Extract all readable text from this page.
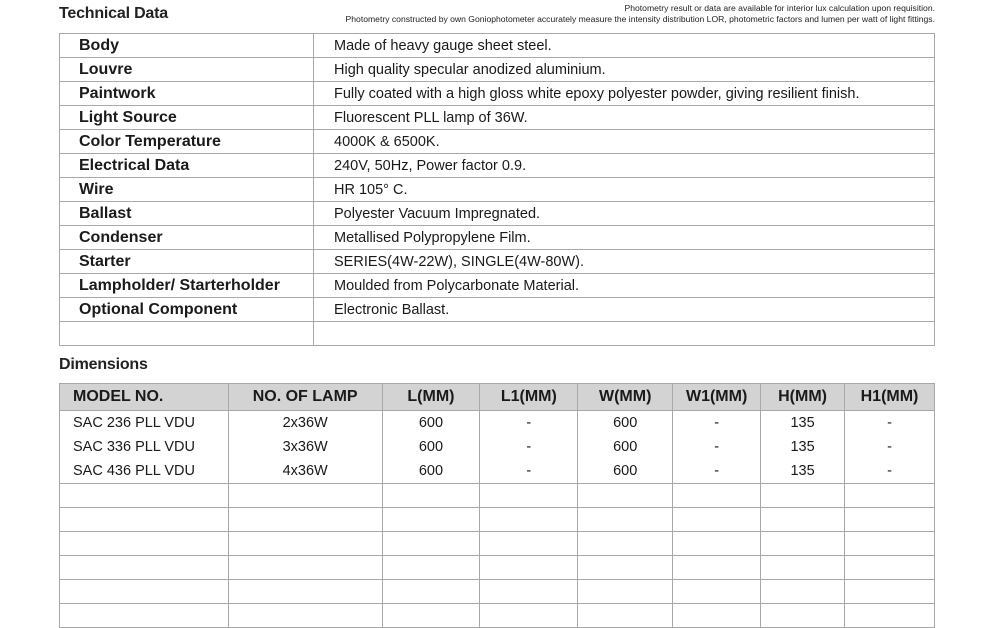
Technical Data	Photometry result or data are available for interior lux calculation upon requisition.
Photometry constructed by own Goniophotometer accurately measure the intensity distribution LOR, photometric factors and lumen per watt of light fittings.
Body	Made of heavy gauge sheet steel.
Louvre	High quality specular anodized aluminium.
Paintwork	Fully coated with a high gloss white epoxy polyester powder, giving resilient finish.
Light Source	Fluorescent PLL lamp of 36W.
Color Temperature	4000K & 6500K.
Electrical Data	240V, 50Hz, Power factor 0.9.
Wire	HR 105° C.
Ballast	Polyester Vacuum Impregnated.
Condenser	Metallised Polypropylene Film.
Starter	SERIES(4W-22W), SINGLE(4W-80W).
Lampholder/ Starterholder	Moulded from Polycarbonate Material.
Optional Component	Electronic Ballast.

Dimensions
MODEL NO.	NO. OF LAMP	L(MM)	L1(MM)	W(MM)	W1(MM)	H(MM)	H1(MM)
SAC 236 PLL VDU	2x36W	600	-	600	-	135	-
SAC 336 PLL VDU	3x36W	600	-	600	-	135	-
SAC 436 PLL VDU	4x36W	600	-	600	-	135	-
